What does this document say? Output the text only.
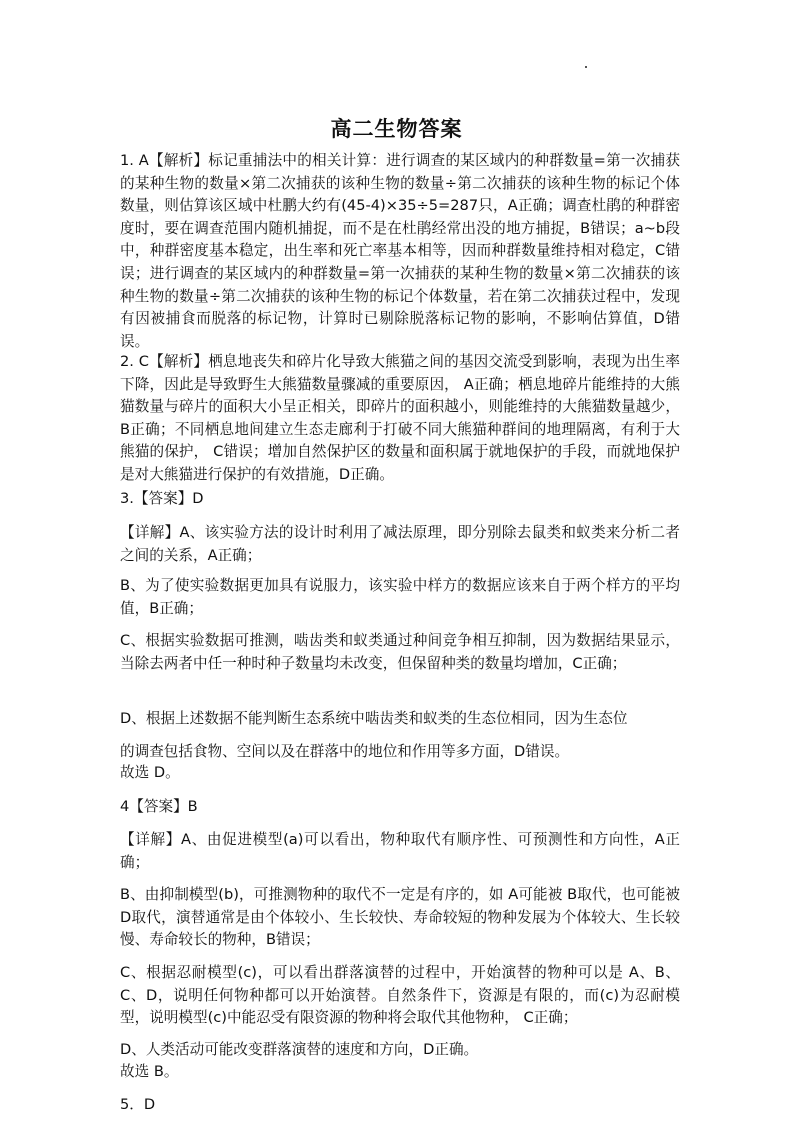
高二生物答案
1. A【解析】标记重捕法中的相关计算：进行调查的某区域内的种群数量=第一次捕获的某种生物的数量×第二次捕获的该种生物的数量÷第二次捕获的该种生物的标记个体数量，则估算该区域中杜鹏大约有(45-4)×35÷5=287只，A正确；调查杜鹃的种群密度时，要在调查范围内随机捕捉，而不是在杜鹃经常出没的地方捕捉，B错误；a~b段中，种群密度基本稳定，出生率和死亡率基本相等，因而种群数量维持相对稳定，C错误；进行调查的某区域内的种群数量=第一次捕获的某种生物的数量×第二次捕获的该种生物的数量÷第二次捕获的该种生物的标记个体数量，若在第二次捕获过程中，发现有因被捕食而脱落的标记物，计算时已剔除脱落标记物的影响，不影响估算值，D错误。
2. C【解析】栖息地丧失和碎片化导致大熊猫之间的基因交流受到影响，表现为出生率下降，因此是导致野生大熊猫数量骤减的重要原因， A正确；栖息地碎片能维持的大熊猫数量与碎片的面积大小呈正相关，即碎片的面积越小，则能维持的大熊猫数量越少，B正确；不同栖息地间建立生态走廊利于打破不同大熊猫种群间的地理隔离，有利于大熊猫的保护， C错误；增加自然保护区的数量和面积属于就地保护的手段，而就地保护是对大熊猫进行保护的有效措施，D正确。
3.【答案】D
【详解】A、该实验方法的设计时利用了减法原理，即分别除去鼠类和蚁类来分析二者之间的关系，A正确；
B、为了使实验数据更加具有说服力，该实验中样方的数据应该来自于两个样方的平均值，B正确；
C、根据实验数据可推测，啮齿类和蚁类通过种间竞争相互抑制，因为数据结果显示，当除去两者中任一种时种子数量均未改变，但保留种类的数量均增加，C正确；
D、根据上述数据不能判断生态系统中啮齿类和蚁类的生态位相同，因为生态位
的调查包括食物、空间以及在群落中的地位和作用等多方面，D错误。
故选 D。
4【答案】B
【详解】A、由促进模型(a)可以看出，物种取代有顺序性、可预测性和方向性，A正确；
B、由抑制模型(b)，可推测物种的取代不一定是有序的，如 A可能被 B取代，也可能被 D取代，演替通常是由个体较小、生长较快、寿命较短的物种发展为个体较大、生长较慢、寿命较长的物种，B错误；
C、根据忍耐模型(c)，可以看出群落演替的过程中，开始演替的物种可以是 A、B、C、D，说明任何物种都可以开始演替。自然条件下，资源是有限的，而(c)为忍耐模型，说明模型(c)中能忍受有限资源的物种将会取代其他物种， C正确；
D、人类活动可能改变群落演替的速度和方向，D正确。
故选 B。
5．D
